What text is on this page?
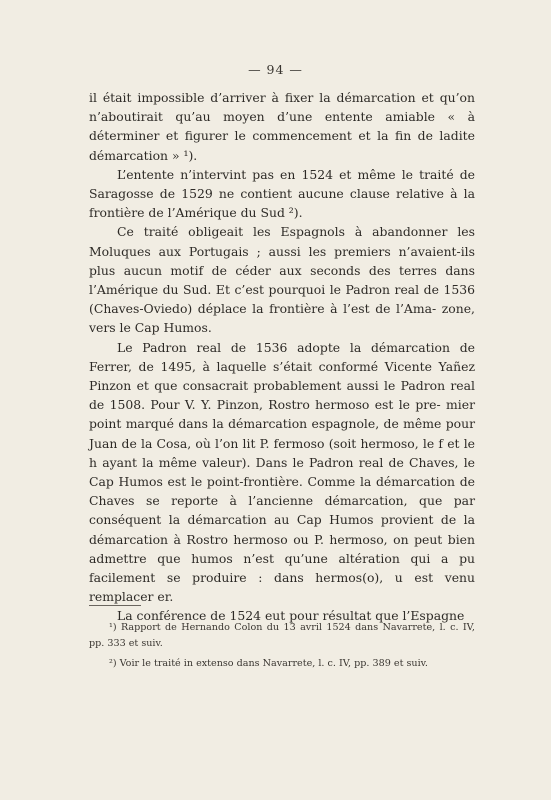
— 94 —

il était impossible d’arriver à fixer la démarcation et qu’on n’aboutirait qu’au moyen d’une entente amiable « à déterminer et figurer le commencement et la fin de ladite démarcation » ¹).

L’entente n’intervint pas en 1524 et même le traité de Saragosse de 1529 ne contient aucune clause relative à la frontière de l’Amérique du Sud ²).

Ce traité obligeait les Espagnols à abandonner les Moluques aux Portugais ; aussi les premiers n’avaient-ils plus aucun motif de céder aux seconds des terres dans l’Amérique du Sud. Et c’est pourquoi le Padron real de 1536 (Chaves-Oviedo) déplace la frontière à l’est de l’Ama- zone, vers le Cap Humos.

Le Padron real de 1536 adopte la démarcation de Ferrer, de 1495, à laquelle s’était conformé Vicente Yañez Pinzon et que consacrait probablement aussi le Padron real de 1508. Pour V. Y. Pinzon, Rostro hermoso est le pre- mier point marqué dans la démarcation espagnole, de même pour Juan de la Cosa, où l’on lit P. fermoso (soit hermoso, le f et le h ayant la même valeur). Dans le Padron real de Chaves, le Cap Humos est le point-frontière. Comme la démarcation de Chaves se reporte à l’ancienne démarcation, que par conséquent la démarcation au Cap Humos provient de la démarcation à Rostro hermoso ou P. hermoso, on peut bien admettre que humos n’est qu’une altération qui a pu facilement se produire : dans hermos(o), u est venu remplacer er.

La conférence de 1524 eut pour résultat que l’Espagne

¹) Rapport de Hernando Colon du 13 avril 1524 dans Navarrete, l. c. IV, pp. 333 et suiv.

²) Voir le traité in extenso dans Navarrete, l. c. IV, pp. 389 et suiv.
